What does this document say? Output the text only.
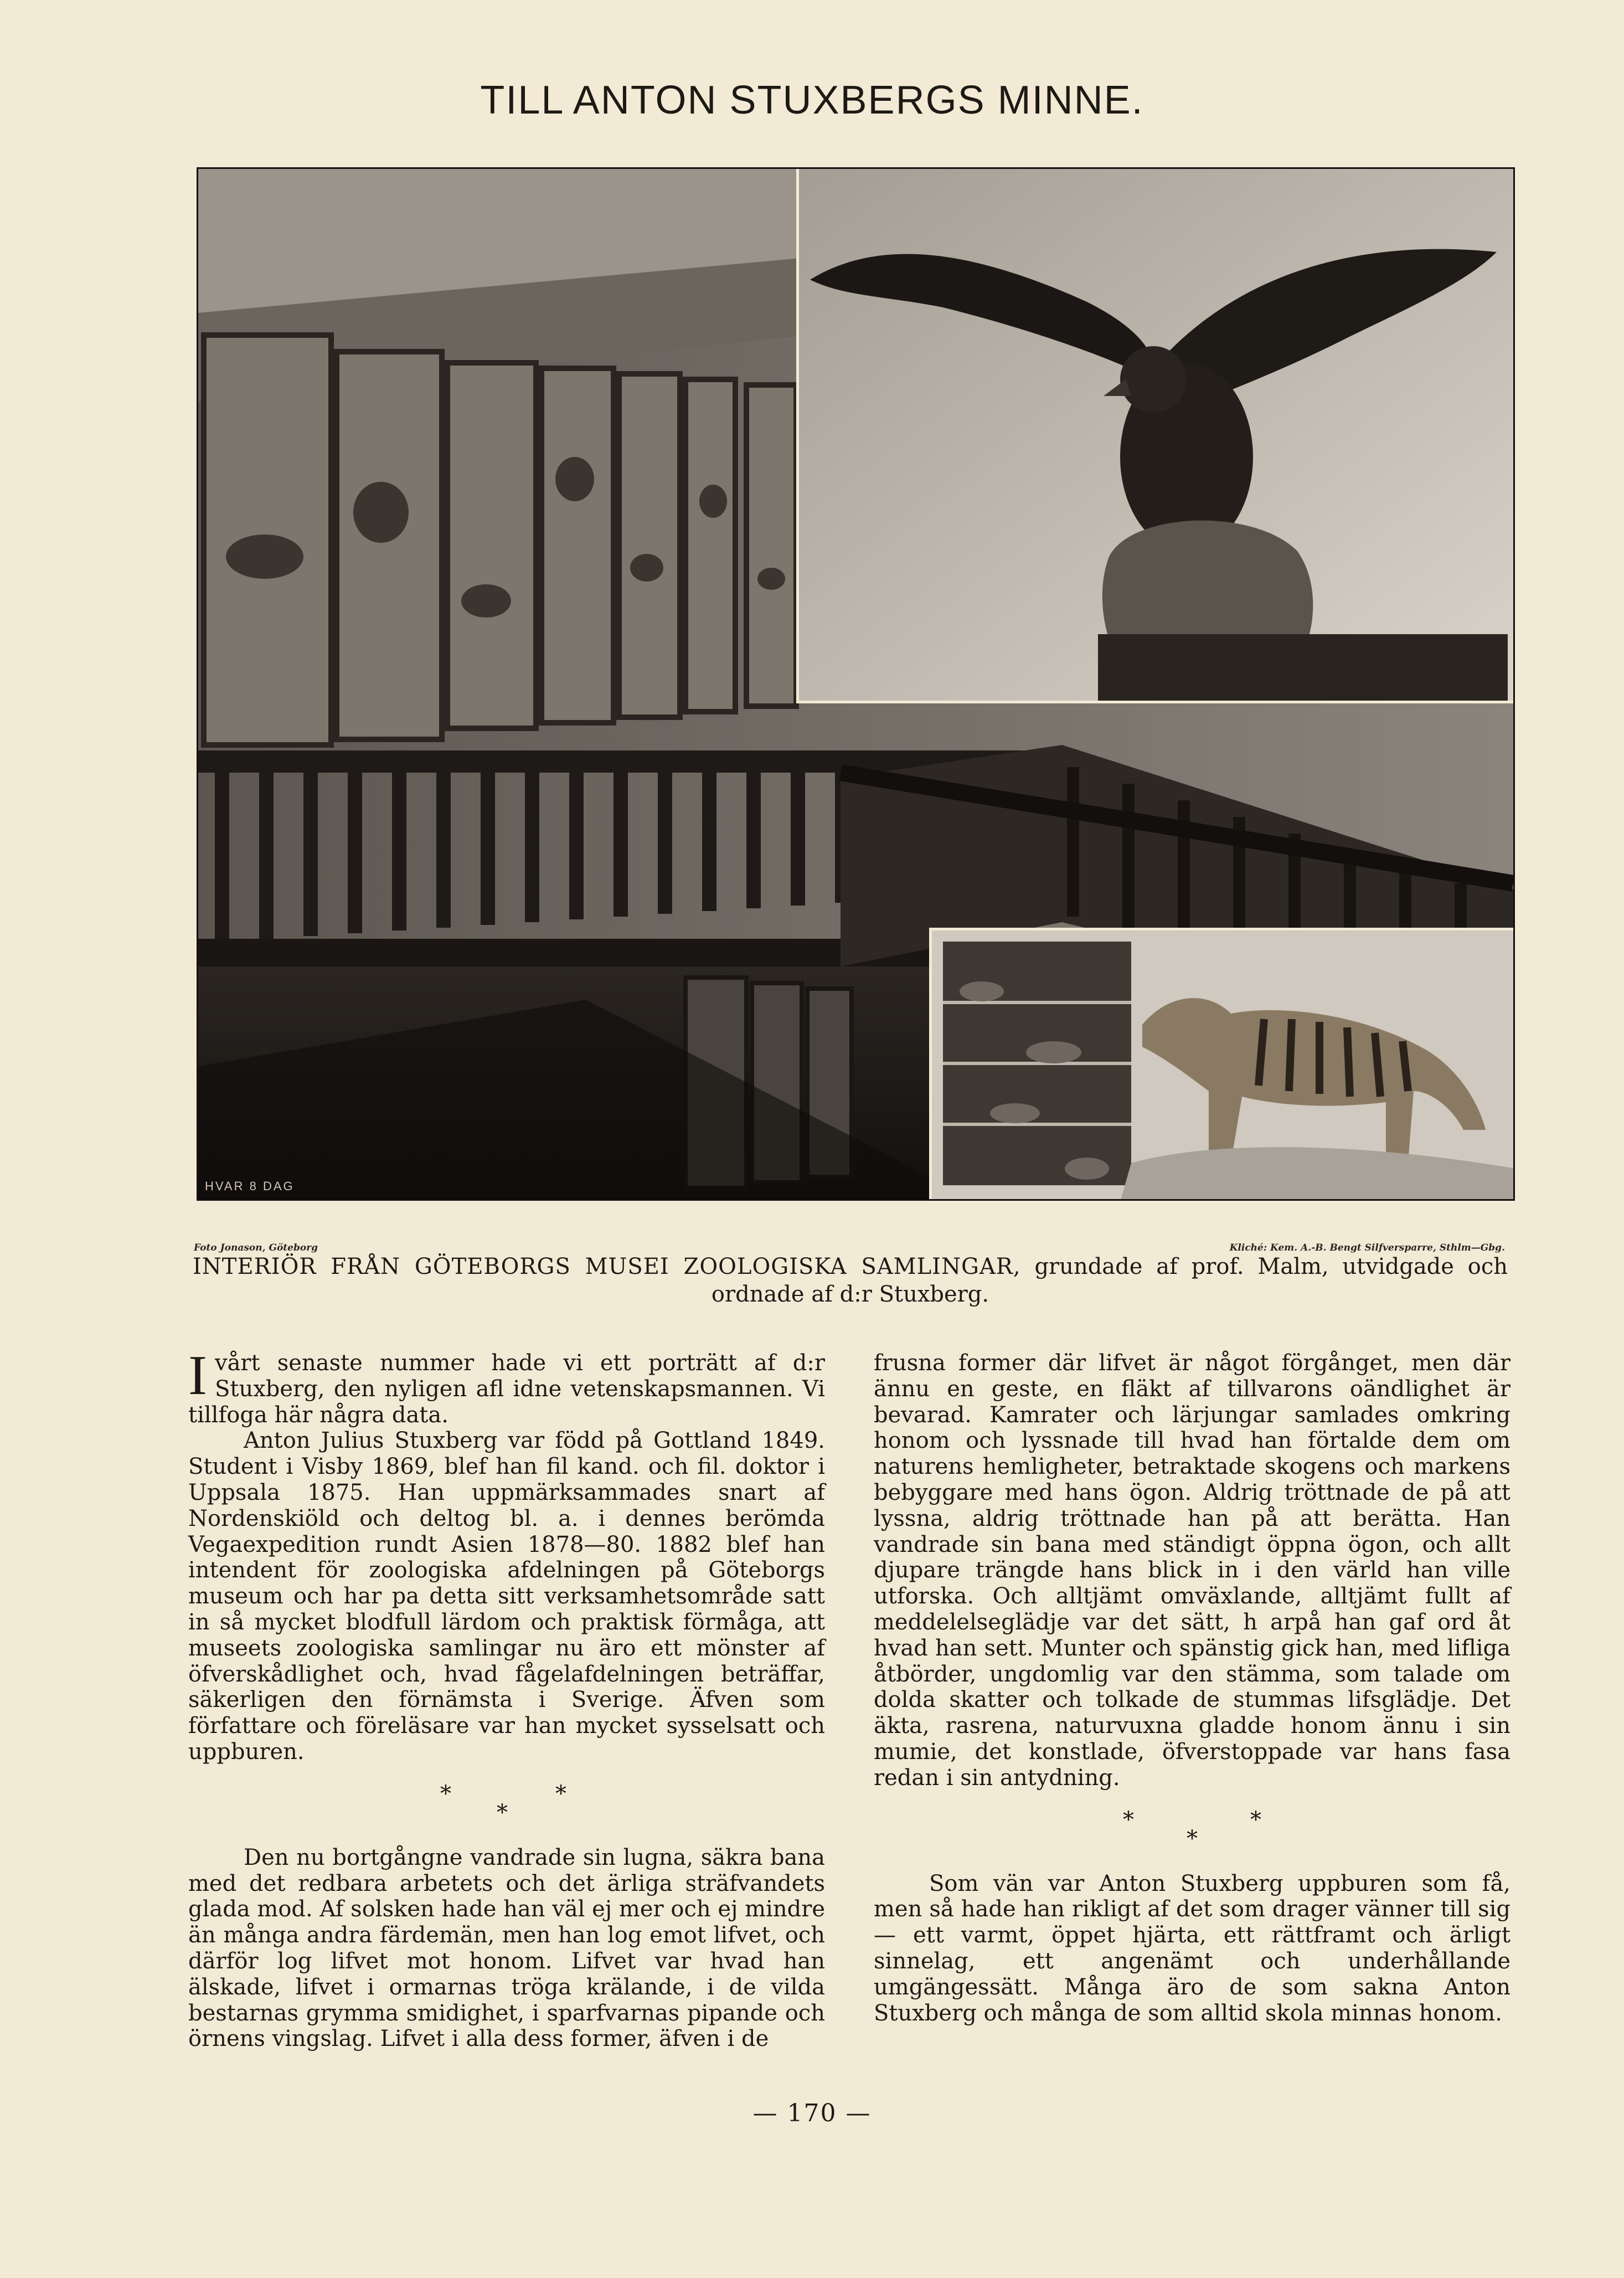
TILL ANTON STUXBERGS MINNE.
HVAR 8 DAG
Foto Jonason, Göteborg	Kliché: Kem. A.-B. Bengt Silfversparre, Sthlm—Gbg.
INTERIÖR FRÅN GÖTEBORGS MUSEI ZOOLOGISKA SAMLINGAR, grundade af prof. Malm, utvidgade och ordnade af d:r Stuxberg.

I vårt senaste nummer hade vi ett porträtt af d:r Stuxberg, den nyligen afl idne vetenskapsmannen. Vi tillfoga här några data.

Anton Julius Stuxberg var född på Gottland 1849. Student i Visby 1869, blef han fil kand. och fil. doktor i Uppsala 1875. Han uppmärksammades snart af Nordenskiöld och deltog bl. a. i dennes berömda Vegaexpedition rundt Asien 1878—80. 1882 blef han intendent för zoologiska afdelningen på Göteborgs museum och har pa detta sitt verksamhetsområde satt in så mycket blodfull lärdom och praktisk förmåga, att museets zoologiska samlingar nu äro ett mönster af öfverskådlighet och, hvad fågelafdelningen beträffar, säkerligen den förnämsta i Sverige. Äfven som författare och föreläsare var han mycket sysselsatt och uppburen.

*	*
*

Den nu bortgångne vandrade sin lugna, säkra bana med det redbara arbetets och det ärliga sträfvandets glada mod. Af solsken hade han väl ej mer och ej mindre än många andra färdemän, men han log emot lifvet, och därför log lifvet mot honom. Lifvet var hvad han älskade, lifvet i ormarnas tröga krälande, i de vilda bestarnas grymma smidighet, i sparfvarnas pipande och örnens vingslag. Lifvet i alla dess former, äfven i de

frusna former där lifvet är något förgånget, men där ännu en geste, en fläkt af tillvarons oändlighet är bevarad. Kamrater och lärjungar samlades omkring honom och lyssnade till hvad han förtalde dem om naturens hemligheter, betraktade skogens och markens bebyggare med hans ögon. Aldrig tröttnade de på att lyssna, aldrig tröttnade han på att berätta. Han vandrade sin bana med ständigt öppna ögon, och allt djupare trängde hans blick in i den värld han ville utforska. Och alltjämt omväxlande, alltjämt fullt af meddelelseglädje var det sätt, h arpå han gaf ord åt hvad han sett. Munter och spänstig gick han, med lifliga åtbörder, ungdomlig var den stämma, som talade om dolda skatter och tolkade de stummas lifsglädje. Det äkta, rasrena, naturvuxna gladde honom ännu i sin mumie, det konstlade, öfverstoppade var hans fasa redan i sin antydning.

*	*
*

Som vän var Anton Stuxberg uppburen som få, men så hade han rikligt af det som drager vänner till sig — ett varmt, öppet hjärta, ett rättframt och ärligt sinnelag, ett angenämt och underhållande umgängessätt. Många äro de som sakna Anton Stuxberg och många de som alltid skola minnas honom.

— 170 —
